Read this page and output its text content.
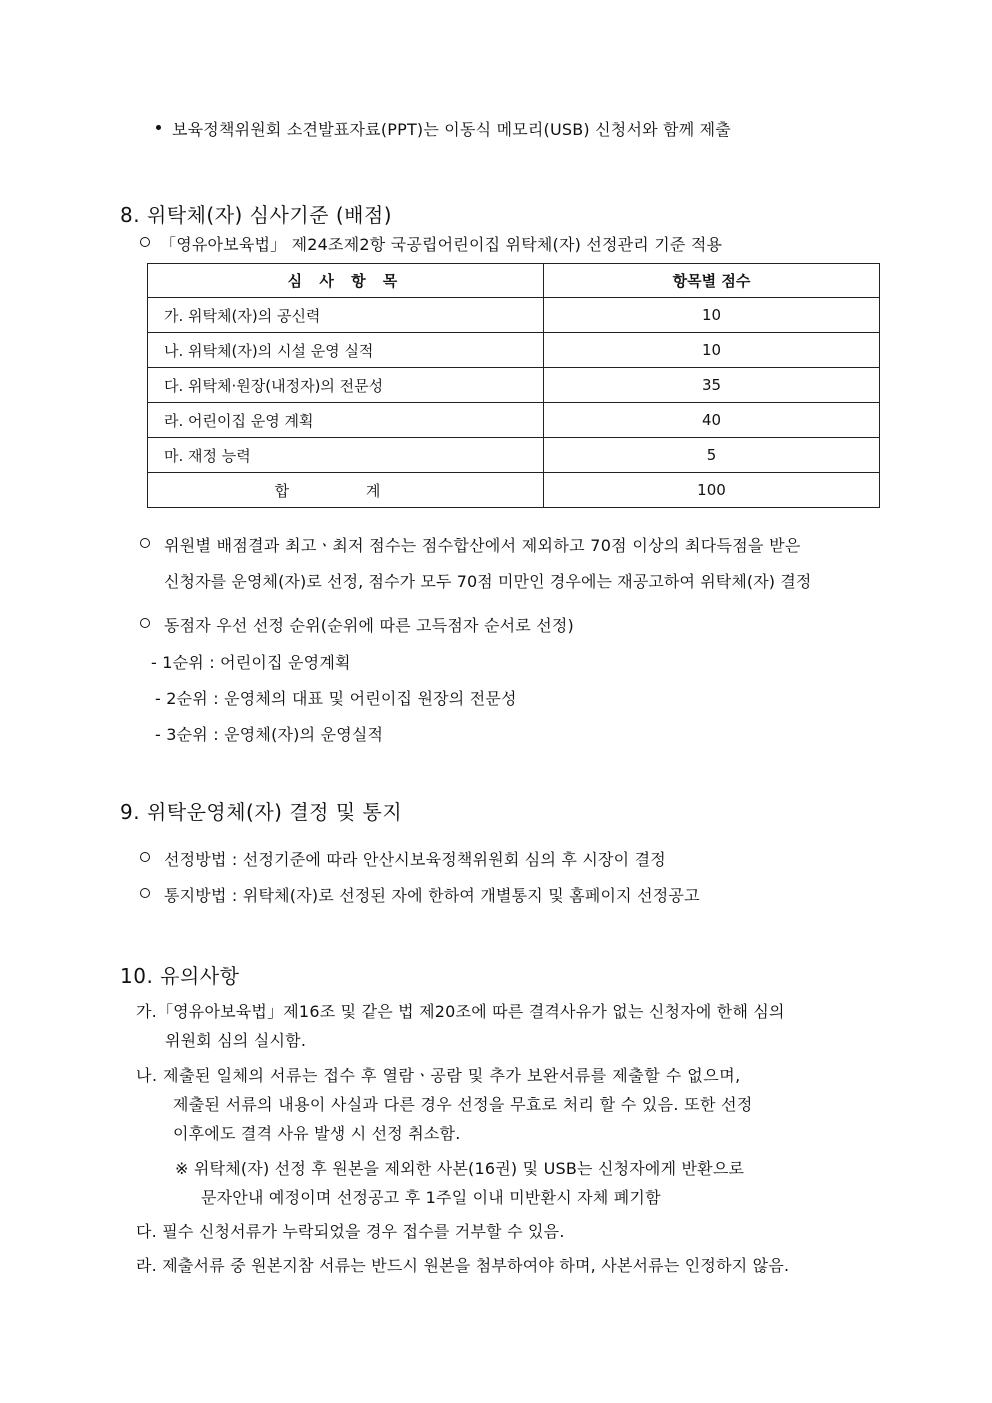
보육정책위원회 소견발표자료(PPT)는 이동식 메모리(USB) 신청서와 함께 제출
8. 위탁체(자) 심사기준 (배점)
「영유아보육법」 제24조제2항 국공립어린이집 위탁체(자) 선정관리 기준 적용
심 사 항 목	항목별 점수
가. 위탁체(자)의 공신력	10
나. 위탁체(자)의 시설 운영 실적	10
다. 위탁체·원장(내정자)의 전문성	35
라. 어린이집 운영 계획	40
마. 재정 능력	5
합 계	100
위원별 배점결과 최고ㆍ최저 점수는 점수합산에서 제외하고 70점 이상의 최다득점을 받은
신청자를 운영체(자)로 선정, 점수가 모두 70점 미만인 경우에는 재공고하여 위탁체(자) 결정
동점자 우선 선정 순위(순위에 따른 고득점자 순서로 선정)
- 1순위 : 어린이집 운영계획
- 2순위 : 운영체의 대표 및 어린이집 원장의 전문성
- 3순위 : 운영체(자)의 운영실적
9. 위탁운영체(자) 결정 및 통지
선정방법 : 선정기준에 따라 안산시보육정책위원회 심의 후 시장이 결정
통지방법 : 위탁체(자)로 선정된 자에 한하여 개별통지 및 홈페이지 선정공고
10. 유의사항
가.「영유아보육법」제16조 및 같은 법 제20조에 따른 결격사유가 없는 신청자에 한해 심의
위원회 심의 실시함.
나. 제출된 일체의 서류는 접수 후 열람ㆍ공람 및 추가 보완서류를 제출할 수 없으며,
제출된 서류의 내용이 사실과 다른 경우 선정을 무효로 처리 할 수 있음. 또한 선정
이후에도 결격 사유 발생 시 선정 취소함.
※ 위탁체(자) 선정 후 원본을 제외한 사본(16권) 및 USB는 신청자에게 반환으로
문자안내 예정이며 선정공고 후 1주일 이내 미반환시 자체 폐기함
다. 필수 신청서류가 누락되었을 경우 접수를 거부할 수 있음.
라. 제출서류 중 원본지참 서류는 반드시 원본을 첨부하여야 하며, 사본서류는 인정하지 않음.
